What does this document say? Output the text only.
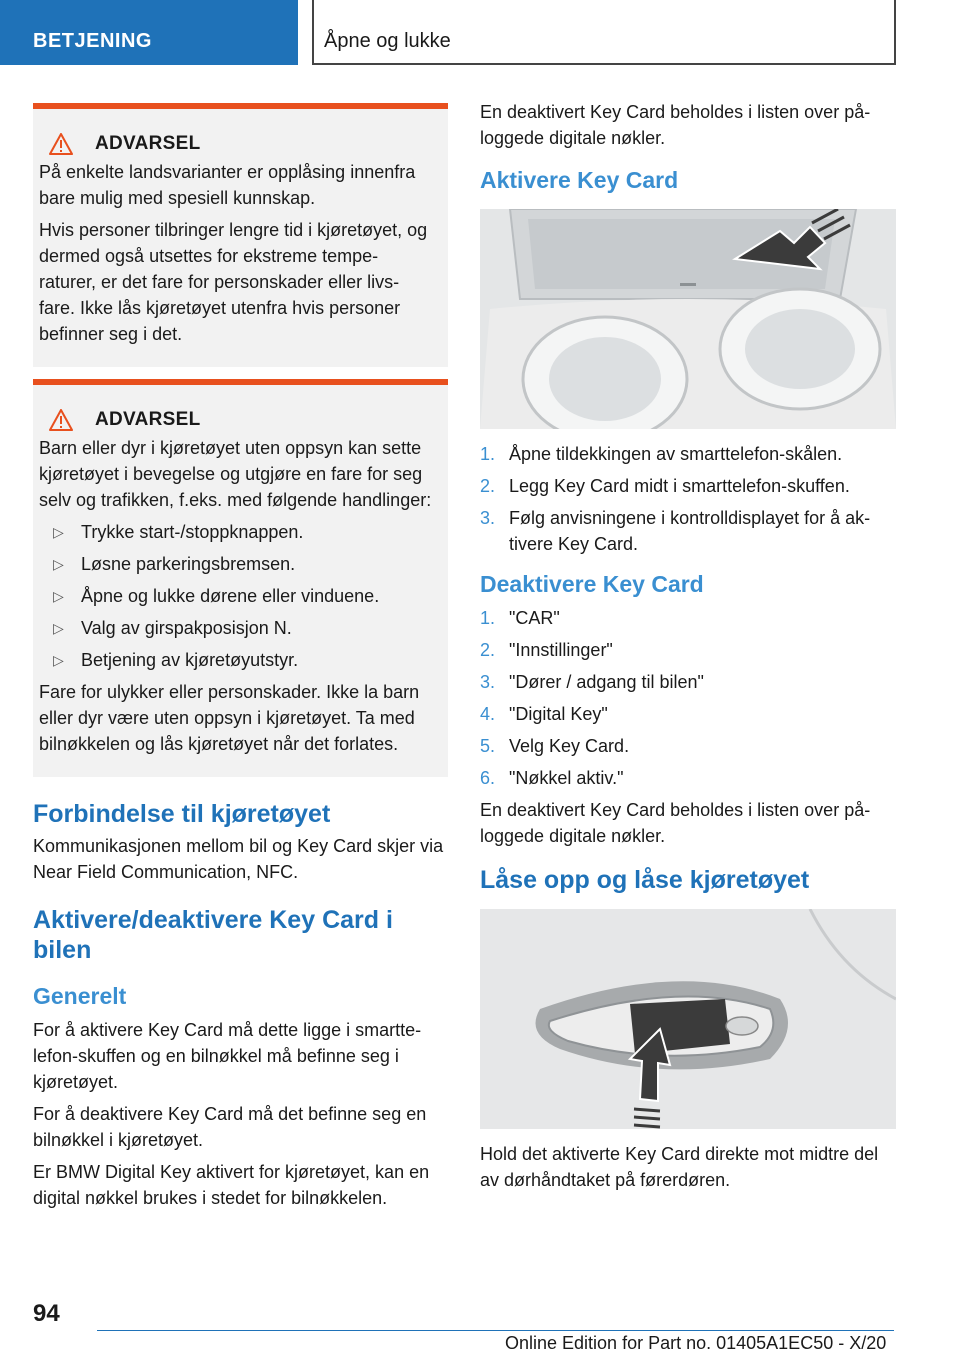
BETJENING	Åpne og lukke
ADVARSEL

På enkelte landsvarianter er opplåsing innenfra bare mulig med spesiell kunnskap.

Hvis personer tilbringer lengre tid i kjøretøyet, og dermed også utsettes for ekstreme tempe-raturer, er det fare for personskader eller livs-fare. Ikke lås kjøretøyet utenfra hvis personer befinner seg i det.

ADVARSEL

Barn eller dyr i kjøretøyet uten oppsyn kan sette kjøretøyet i bevegelse og utgjøre en fare for seg selv og trafikken, f.eks. med følgende handlinger:

▷ Trykke start-/stoppknappen.
▷ Løsne parkeringsbremsen.
▷ Åpne og lukke dørene eller vinduene.
▷ Valg av girspakposisjon N.
▷ Betjening av kjøretøyutstyr.

Fare for ulykker eller personskader. Ikke la barn eller dyr være uten oppsyn i kjøretøyet. Ta med bilnøkkelen og lås kjøretøyet når det forlates.

Forbindelse til kjøretøyet

Kommunikasjonen mellom bil og Key Card skjer via Near Field Communication, NFC.

Aktivere/deaktivere Key Card i bilen
Generelt

For å aktivere Key Card må dette ligge i smartte-lefon-skuffen og en bilnøkkel må befinne seg i kjøretøyet.

For å deaktivere Key Card må det befinne seg en bilnøkkel i kjøretøyet.

Er BMW Digital Key aktivert for kjøretøyet, kan en digital nøkkel brukes i stedet for bilnøkkelen.

En deaktivert Key Card beholdes i listen over på-loggede digitale nøkler.

Aktivere Key Card
1. Åpne tildekkingen av smarttelefon-skålen.
2. Legg Key Card midt i smarttelefon-skuffen.
3. Følg anvisningene i kontrolldisplayet for å ak-tivere Key Card.
Deaktivere Key Card
1. "CAR"
2. "Innstillinger"
3. "Dører / adgang til bilen"
4. "Digital Key"
5. Velg Key Card.
6. "Nøkkel aktiv."

En deaktivert Key Card beholdes i listen over på-loggede digitale nøkler.

Låse opp og låse kjøretøyet

Hold det aktiverte Key Card direkte mot midtre del av dørhåndtaket på førerdøren.

94
Online Edition for Part no. 01405A1EC50 - X/20
